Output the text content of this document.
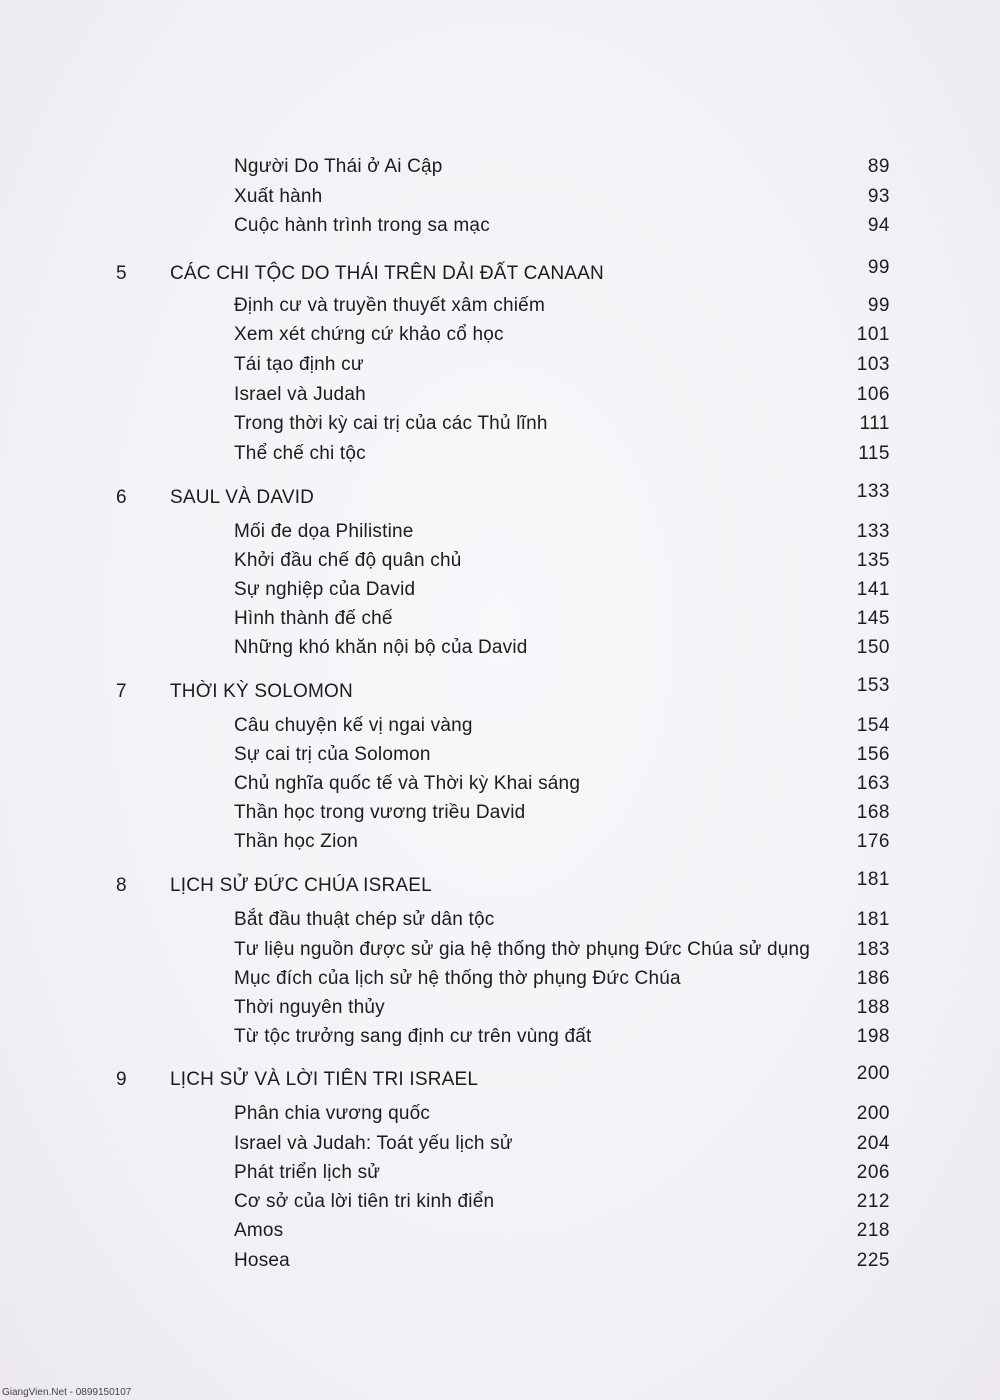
Người Do Thái ở Ai Cập	89
Xuất hành	93
Cuộc hành trình trong sa mạc	94
5 CÁC CHI TỘC DO THÁI TRÊN DẢI ĐẤT CANAAN	99
Định cư và truyền thuyết xâm chiếm	99
Xem xét chứng cứ khảo cổ học	101
Tái tạo định cư	103
Israel và Judah	106
Trong thời kỳ cai trị của các Thủ lĩnh	111
Thể chế chi tộc	115
6 SAUL VÀ DAVID	133
Mối đe dọa Philistine	133
Khởi đầu chế độ quân chủ	135
Sự nghiệp của David	141
Hình thành đế chế	145
Những khó khăn nội bộ của David	150
7 THỜI KỲ SOLOMON	153
Câu chuyện kế vị ngai vàng	154
Sự cai trị của Solomon	156
Chủ nghĩa quốc tế và Thời kỳ Khai sáng	163
Thần học trong vương triều David	168
Thần học Zion	176
8 LỊCH SỬ ĐỨC CHÚA ISRAEL	181
Bắt đầu thuật chép sử dân tộc	181
Tư liệu nguồn được sử gia hệ thống thờ phụng Đức Chúa sử dụng 183
Mục đích của lịch sử hệ thống thờ phụng Đức Chúa	186
Thời nguyên thủy	188
Từ tộc trưởng sang định cư trên vùng đất	198
9 LỊCH SỬ VÀ LỜI TIÊN TRI ISRAEL	200
Phân chia vương quốc	200
Israel và Judah: Toát yếu lịch sử	204
Phát triển lịch sử	206
Cơ sở của lời tiên tri kinh điển	212
Amos	218
Hosea	225
GiangVien.Net - 0899150107
